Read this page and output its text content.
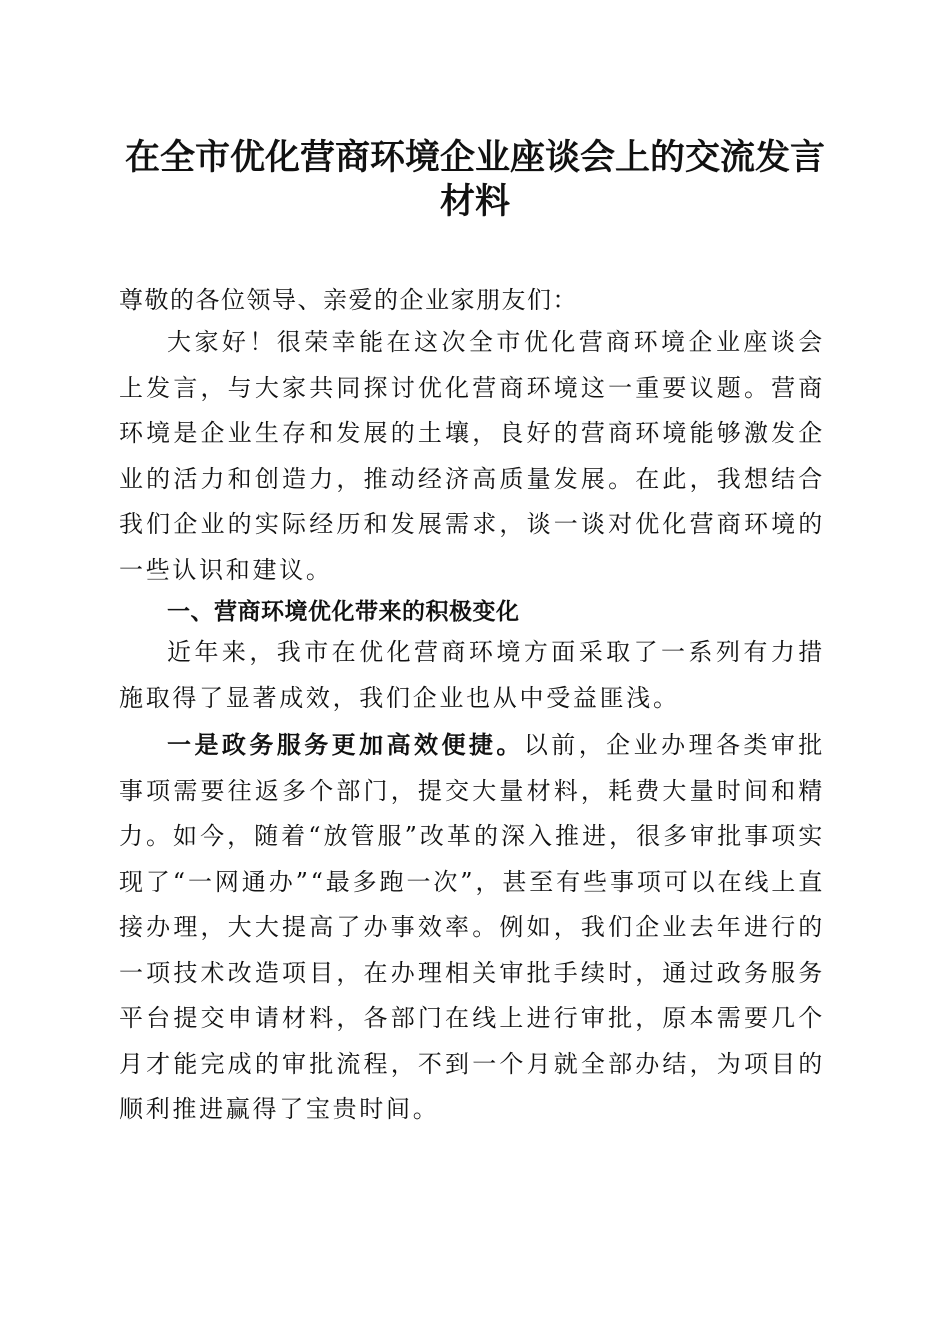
在全市优化营商环境企业座谈会上的交流发言
材料

尊敬的各位领导、亲爱的企业家朋友们：

大家好！很荣幸能在这次全市优化营商环境企业座谈会上发言，与大家共同探讨优化营商环境这一重要议题。营商环境是企业生存和发展的土壤，良好的营商环境能够激发企业的活力和创造力，推动经济高质量发展。在此，我想结合我们企业的实际经历和发展需求，谈一谈对优化营商环境的一些认识和建议。

一、营商环境优化带来的积极变化

近年来，我市在优化营商环境方面采取了一系列有力措施取得了显著成效，我们企业也从中受益匪浅。

一是政务服务更加高效便捷。以前，企业办理各类审批事项需要往返多个部门，提交大量材料，耗费大量时间和精力。如今，随着“放管服”改革的深入推进，很多审批事项实现了“一网通办”“最多跑一次”，甚至有些事项可以在线上直接办理，大大提高了办事效率。例如，我们企业去年进行的一项技术改造项目，在办理相关审批手续时，通过政务服务平台提交申请材料，各部门在线上进行审批，原本需要几个月才能完成的审批流程，不到一个月就全部办结，为项目的顺利推进赢得了宝贵时间。
